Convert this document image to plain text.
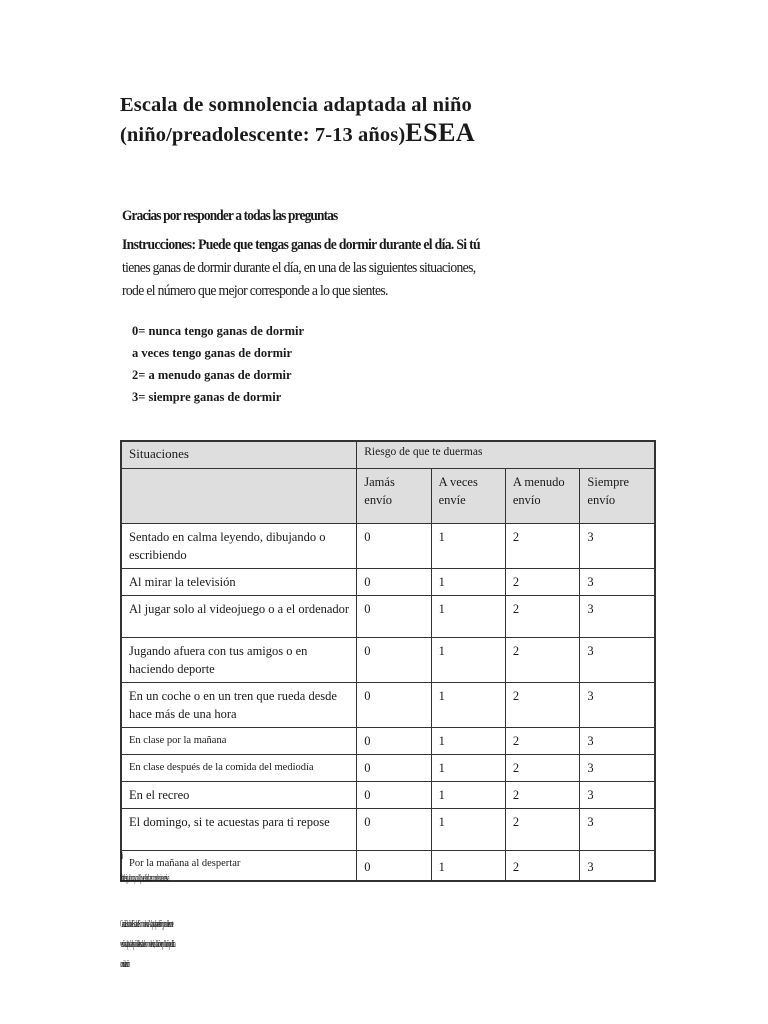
Escala de somnolencia adaptada al niño
(niño/preadolescente: 7-13 años)ESEA
Gracias por responder a todas las preguntas
Instrucciones: Puede que tengas ganas de dormir durante el día. Si tú
tienes ganas de dormir durante el día, en una de las siguientes situaciones,
rode el número que mejor corresponde a lo que sientes.
0= nunca tengo ganas de dormir
a veces tengo ganas de dormir
2= a menudo ganas de dormir
3= siempre ganas de dormir
Situaciones	Riesgo de que te duermas			
	Jamás envío	A veces envíe	A menudo envío	Siempre envío
Sentado en calma leyendo, dibujando o escribiendo	0	1	2	3
Al mirar la televisión	0	1	2	3
Al jugar solo al videojuego o a el ordenador	0	1	2	3
Jugando afuera con tus amigos o en haciendo deporte	0	1	2	3
En un coche o en un tren que rueda desde hace más de una hora	0	1	2	3
En clase por la mañana	0	1	2	3
En clase después de la comida del mediodía	0	1	2	3
En el recreo	0	1	2	3
El domingo, si te acuestas para ti repose	0	1	2	3
Por la mañana al despertar	0	1	2	3
To
Si total es igual o mayor a 10 puede indicar somnolencia excesiva
Gracias Estudio de Escala de Somnolencia Adaptada para el niño y preadolescente
versión adaptada al español de la escala de somnolencia, validación en población pediátrica
consideración
